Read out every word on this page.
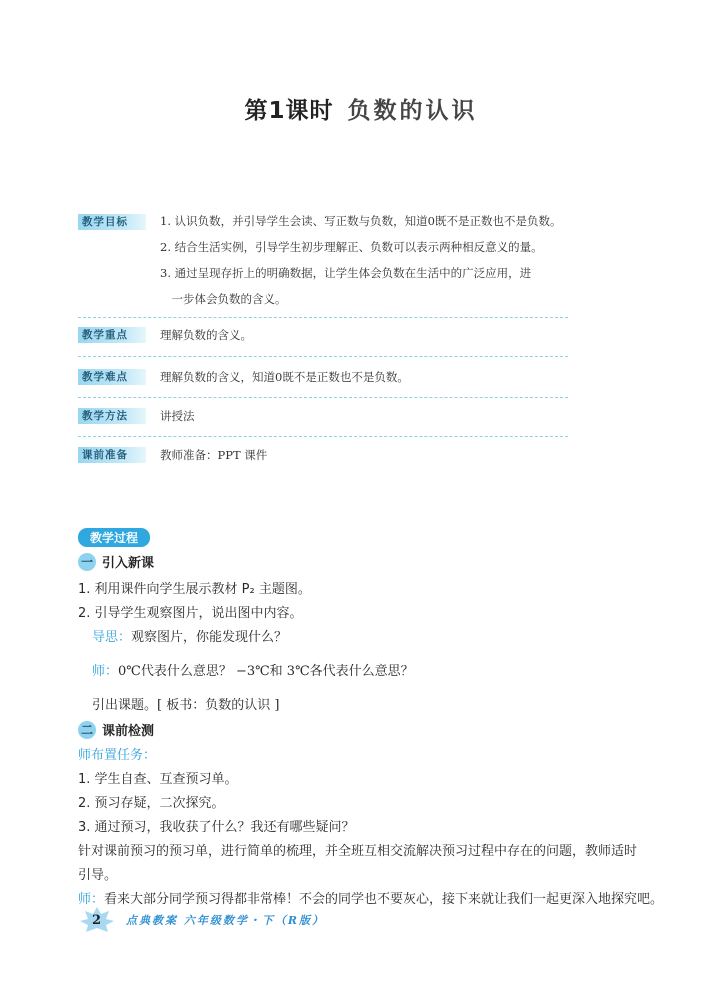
第1课时 负数的认识
教学目标	1. 认识负数，并引导学生会读、写正数与负数，知道0既不是正数也不是负数。
2. 结合生活实例，引导学生初步理解正、负数可以表示两种相反意义的量。
3. 通过呈现存折上的明确数据，让学生体会负数在生活中的广泛应用，进
　一步体会负数的含义。
教学重点	理解负数的含义。
教学难点	理解负数的含义，知道0既不是正数也不是负数。
教学方法	讲授法
课前准备	教师准备：PPT 课件
教学过程
一 引入新课
1. 利用课件向学生展示教材 P₂ 主题图。
2. 引导学生观察图片，说出图中内容。
导思：观察图片，你能发现什么？
师：0℃代表什么意思？ −3℃和 3℃各代表什么意思？
引出课题。[ 板书：负数的认识 ]
二 课前检测
师布置任务：
1. 学生自查、互查预习单。
2. 预习存疑，二次探究。
3. 通过预习，我收获了什么？我还有哪些疑问？
针对课前预习的预习单，进行简单的梳理，并全班互相交流解决预习过程中存在的问题，教师适时
引导。
师：看来大部分同学预习得都非常棒！不会的同学也不要灰心，接下来就让我们一起更深入地探究吧。
2 点典教案 六年级数学・下（R版）
